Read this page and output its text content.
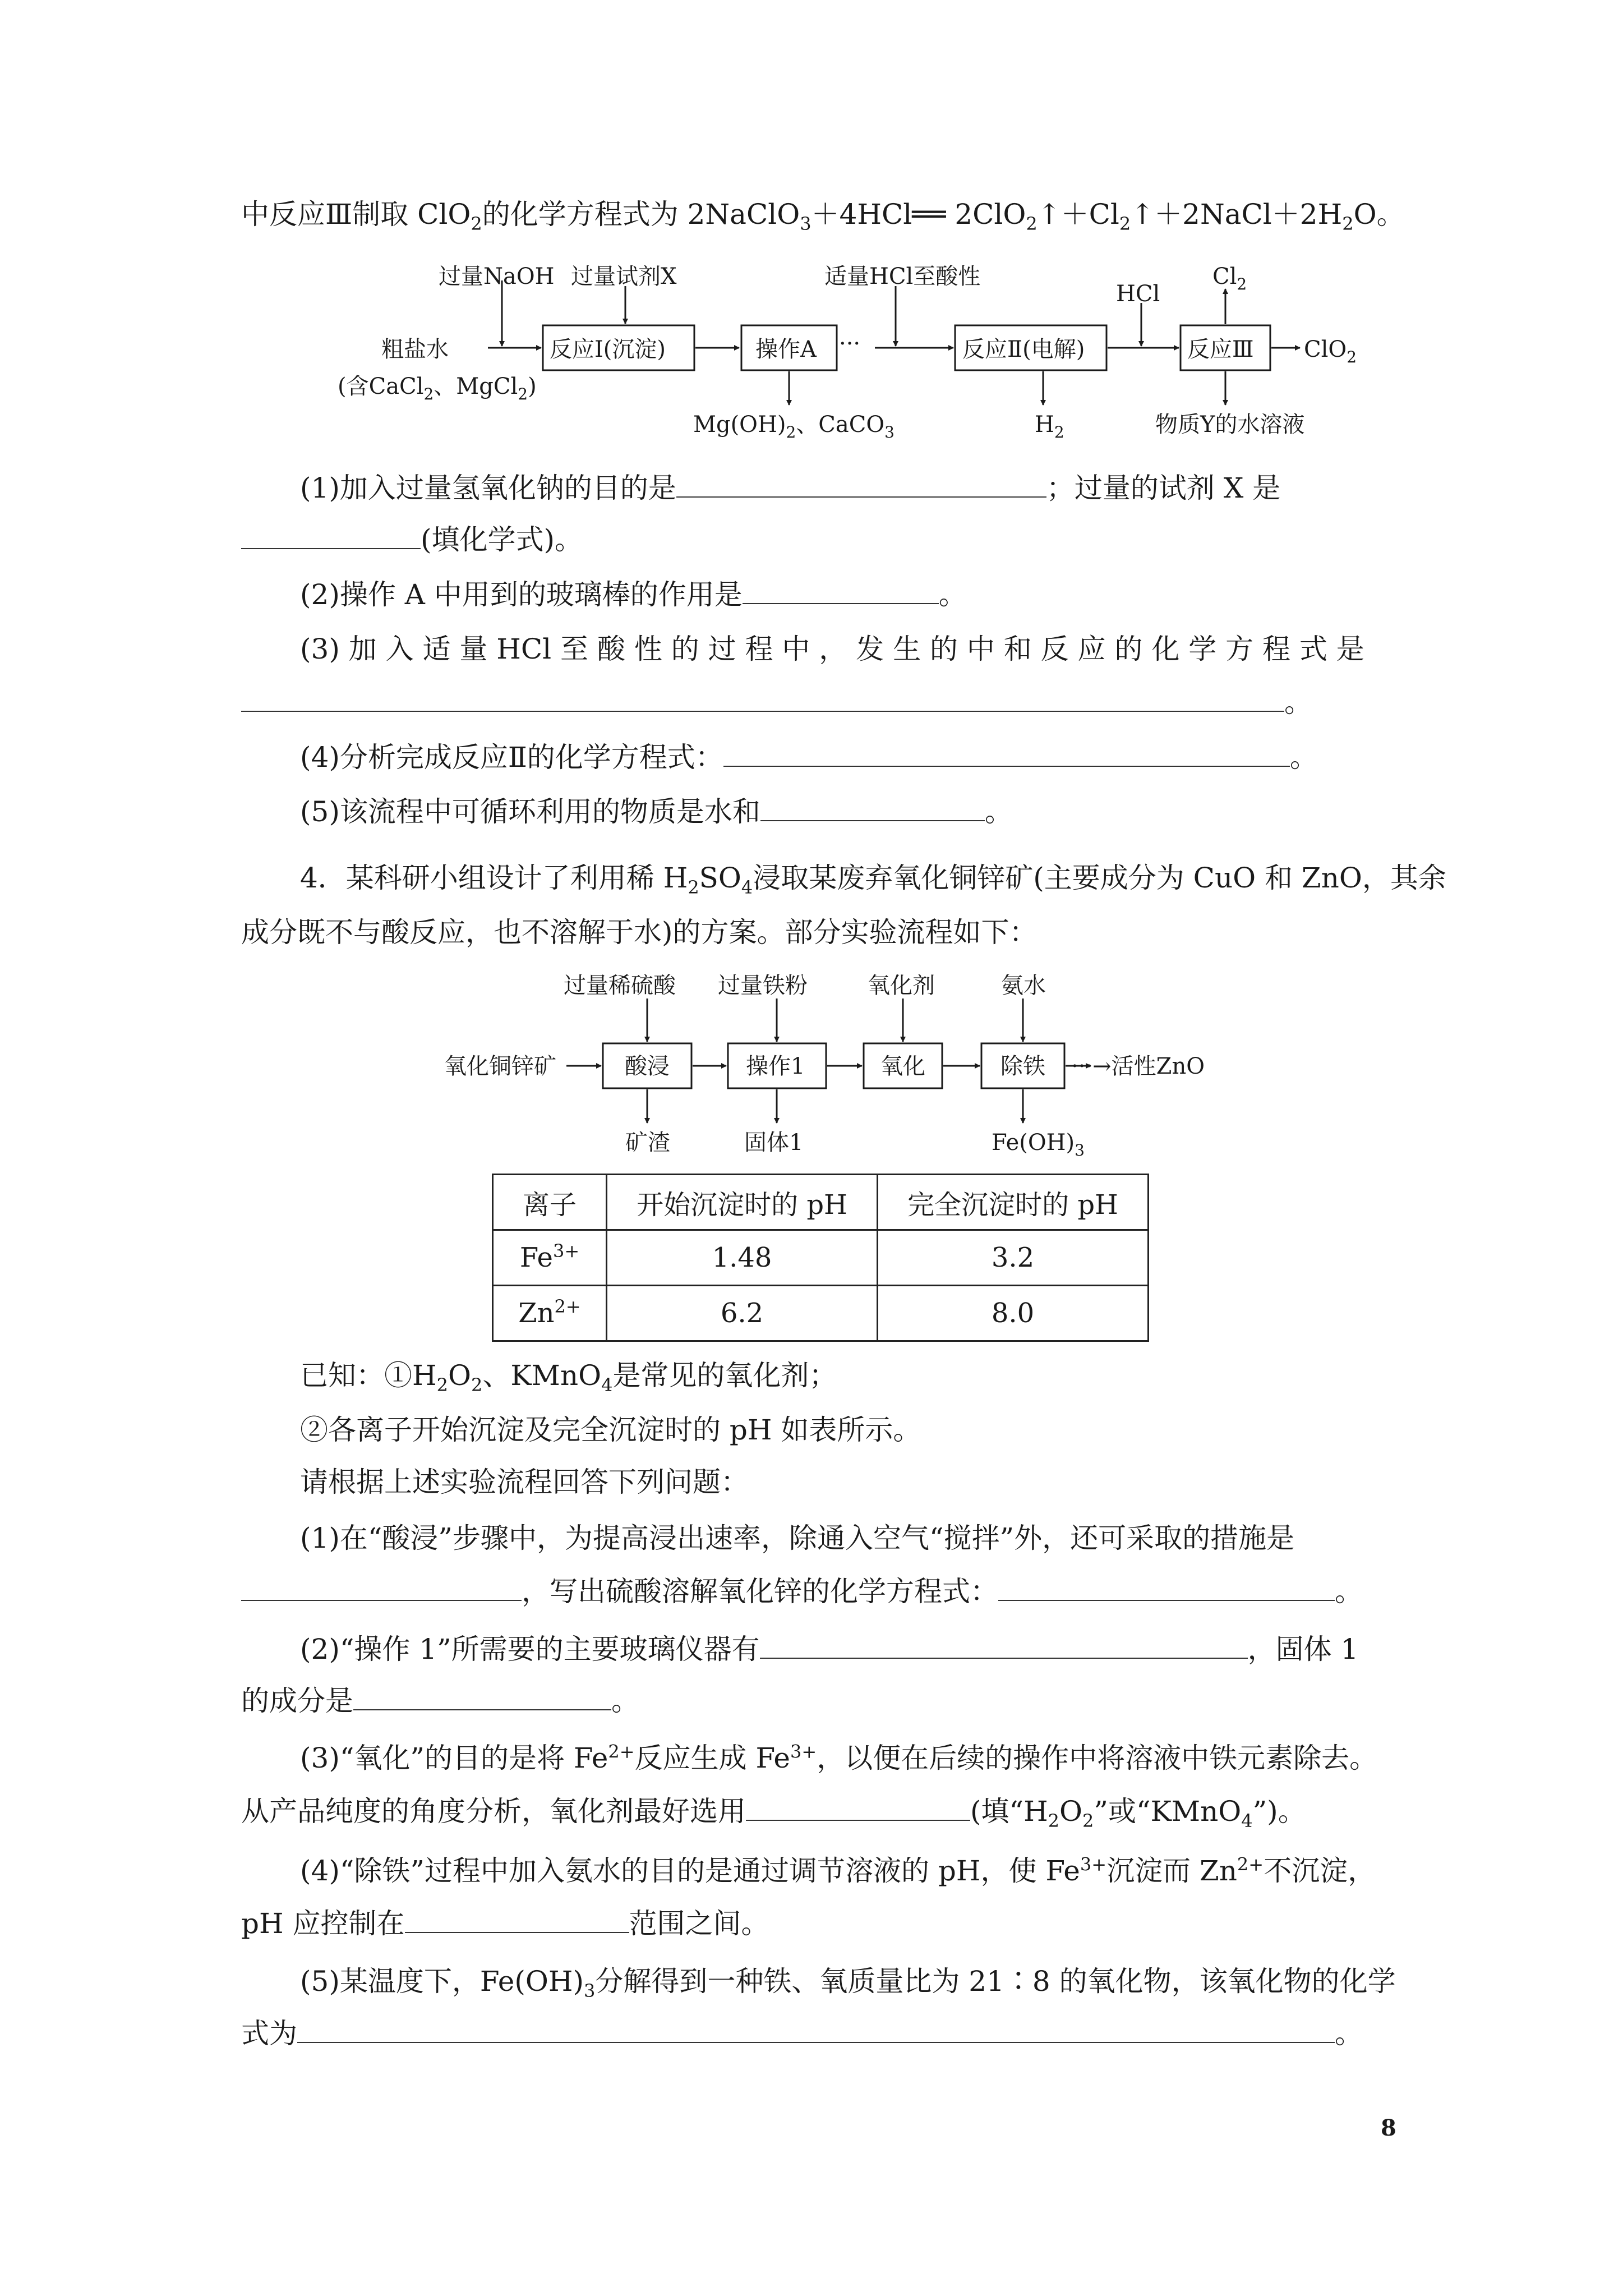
中反应Ⅲ制取 ClO$_2$的化学方程式为 2NaClO$_3$＋4HCl══ $2ClO_2↑+Cl_2↑+2NaCl+2H_2O$。
过量NaOH 过量试剂X	适量HCl至酸性
HCl
$Cl_2$
粗盐水
(含CaCl$_2$、MgCl$_2$)
反应Ⅰ(沉淀)	操作A ···	反应Ⅱ(电解)	反应Ⅲ ClO$_2$
$Mg(OH)_2$、CaCO$_3$	$H_2$	物质Y的水溶液
(1)加入过量氢氧化钠的目的是	；过量的试剂 X 是
(填化学式)。
(2)操作 A 中用到的玻璃棒的作用是	。
(3) 加 入 适 量 HCl 至 酸 性 的 过 程 中 ， 发 生 的 中 和 反 应 的 化 学 方 程 式 是
。
(4)分析完成反应Ⅱ的化学方程式：	。
(5)该流程中可循环利用的物质是水和	。
4．某科研小组设计了利用稀 $H_2SO_4$浸取某废弃氧化铜锌矿(主要成分为 CuO 和 ZnO，其余
成分既不与酸反应，也不溶解于水)的方案。部分实验流程如下：
过量稀硫酸 过量铁粉	氧化剂	氨水
氧化铜锌矿	酸浸	操作1	氧化	除铁 ···→活性ZnO
矿渣	固体1	$Fe(OH)_3$
离子	开始沉淀时的 pH	完全沉淀时的 pH
$Fe^{3+}$	1.48	3.2
$Zn^{2+}$	6.2	8.0
已知：$①H_2O_2$、KMnO$_4$是常见的氧化剂；
②各离子开始沉淀及完全沉淀时的 pH 如表所示。
请根据上述实验流程回答下列问题：
(1)在“酸浸”步骤中，为提高浸出速率，除通入空气“搅拌”外，还可采取的措施是
，写出硫酸溶解氧化锌的化学方程式：	。
(2)“操作 1”所需要的主要玻璃仪器有	，固体 1
的成分是	。
(3)“氧化”的目的是将 $Fe^{2+}$反应生成 $Fe^{3+}$，以便在后续的操作中将溶液中铁元素除去。
从产品纯度的角度分析，氧化剂最好选用	(填“$H_2O_2$”或“KMnO$_4$”)。
(4)“除铁”过程中加入氨水的目的是通过调节溶液的 pH，使 $Fe^{3+}$沉淀而 $Zn^{2+}$不沉淀，
pH 应控制在	范围之间。
(5)某温度下，$Fe(OH)_3$分解得到一种铁、氧质量比为 21∶8 的氧化物，该氧化物的化学
式为	。
8
